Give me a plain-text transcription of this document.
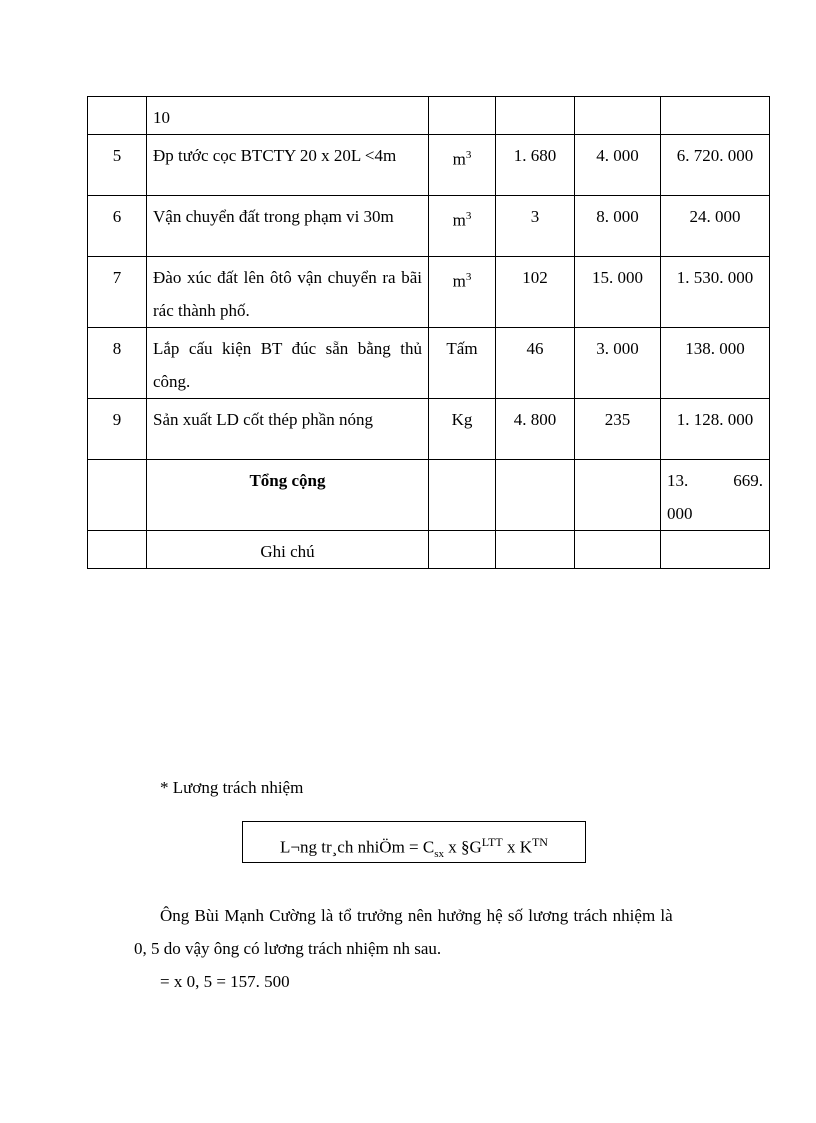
	10				
5	Đp tước cọc BTCTY 20 x 20L <4m	$m^3$	1. 680	4. 000	6. 720. 000
6	Vận chuyển đất trong phạm vi 30m	$m^3$	3	8. 000	24. 000
7	Đào xúc đất lên ôtô vận chuyển ra bãi rác thành phố.	$m^3$	102	15. 000	1. 530. 000
8	Lắp cấu kiện BT đúc sẵn bằng thủ công.	Tấm	46	3. 000	138. 000
9	Sản xuất LD cốt thép phần nóng	Kg	4. 800	235	1. 128. 000
	Tổng cộng				13. 669.
000

	Ghi chú				
* Lương trách nhiệm
L¬ng tr¸ch nhiÖm = $C_{sx}$ x $\S G^{LTT}$ x $K^{TN}$
Ông Bùi Mạnh Cường là tổ trưởng nên hưởng hệ số lương trách nhiệm là
0, 5 do vậy ông có lương trách nhiệm nh sau.
= x 0, 5 = 157. 500
